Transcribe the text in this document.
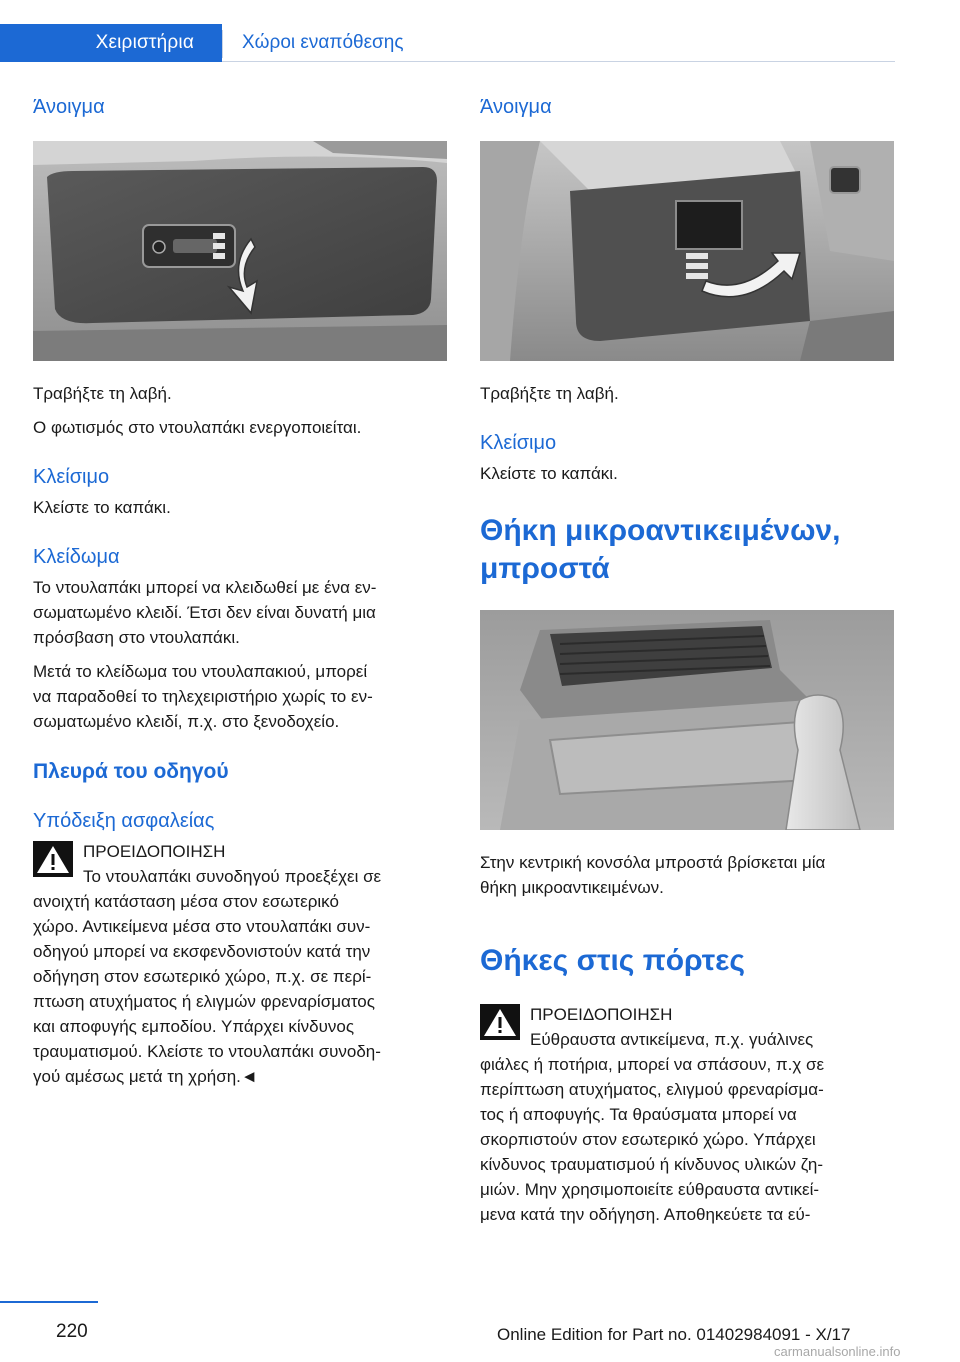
Χειριστήρια	Χώροι εναπόθεσης
Άνοιγμα

Τραβήξτε τη λαβή.

Ο φωτισμός στο ντουλαπάκι ενεργοποιείται.

Κλείσιμο

Κλείστε το καπάκι.

Κλείδωμα

Το ντουλαπάκι μπορεί να κλειδωθεί με ένα εν-
σωματωμένο κλειδί. Έτσι δεν είναι δυνατή μια
πρόσβαση στο ντουλαπάκι.

Μετά το κλείδωμα του ντουλαπακιού, μπορεί
να παραδοθεί το τηλεχειριστήριο χωρίς το εν-
σωματωμένο κλειδί, π.χ. στο ξενοδοχείο.

Πλευρά του οδηγού
Υπόδειξη ασφαλείας

ΠΡΟΕΙΔΟΠΟΙΗΣΗ

Το ντουλαπάκι συνοδηγού προεξέχει σε

ανοιχτή κατάσταση μέσα στον εσωτερικό

χώρο. Αντικείμενα μέσα στο ντουλαπάκι συν-

οδηγού μπορεί να εκσφενδονιστούν κατά την

οδήγηση στον εσωτερικό χώρο, π.χ. σε περί-

πτωση ατυχήματος ή ελιγμών φρεναρίσματος

και αποφυγής εμποδίου. Υπάρχει κίνδυνος

τραυματισμού. Κλείστε το ντουλαπάκι συνοδη-

γού αμέσως μετά τη χρήση.◄

Άνοιγμα

Τραβήξτε τη λαβή.

Κλείσιμο

Κλείστε το καπάκι.

Θήκη μικροαντικειμένων,
μπροστά

Στην κεντρική κονσόλα μπροστά βρίσκεται μία
θήκη μικροαντικειμένων.

Θήκες στις πόρτες

ΠΡΟΕΙΔΟΠΟΙΗΣΗ

Εύθραυστα αντικείμενα, π.χ. γυάλινες

φιάλες ή ποτήρια, μπορεί να σπάσουν, π.χ σε

περίπτωση ατυχήματος, ελιγμού φρεναρίσμα-

τος ή αποφυγής. Τα θραύσματα μπορεί να

σκορπιστούν στον εσωτερικό χώρο. Υπάρχει

κίνδυνος τραυματισμού ή κίνδυνος υλικών ζη-

μιών. Μην χρησιμοποιείτε εύθραυστα αντικεί-

μενα κατά την οδήγηση. Αποθηκεύετε τα εύ-

220	Online Edition for Part no. 01402984091 - X/17
carmanualsonline.info
